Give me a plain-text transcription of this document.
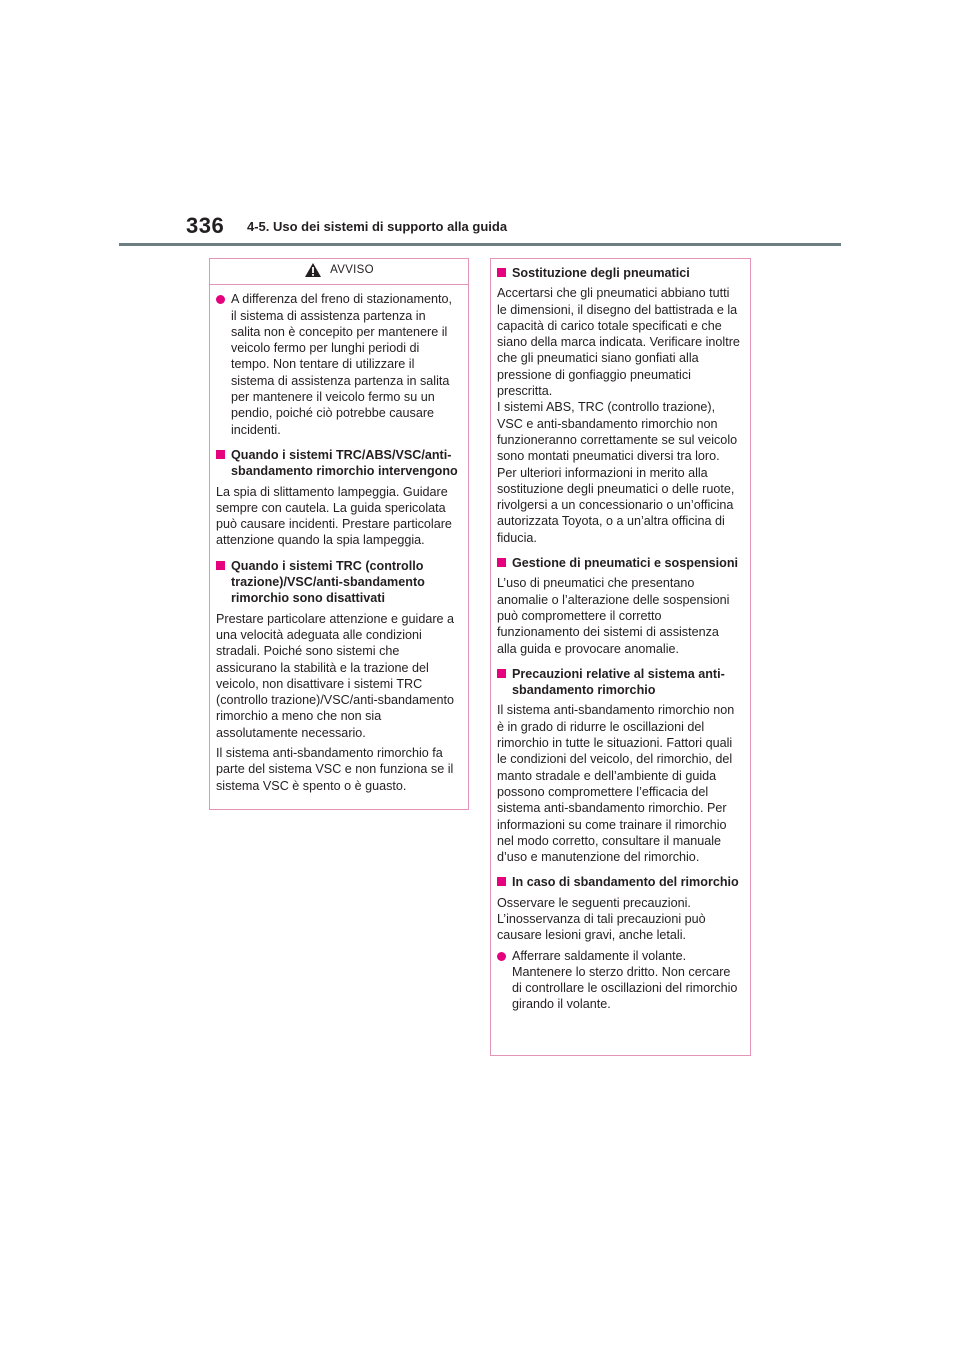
336 4-5. Uso dei sistemi di supporto alla guida
AVVISO
A differenza del freno di stazionamento, il sistema di assistenza partenza in salita non è concepito per mantenere il veicolo fermo per lunghi periodi di tempo. Non tentare di utilizzare il sistema di assistenza partenza in salita per mantenere il veicolo fermo su un pendio, poiché ciò potrebbe causare incidenti.
Quando i sistemi TRC/ABS/VSC/anti-sbandamento rimorchio intervengono

La spia di slittamento lampeggia. Guidare sempre con cautela. La guida spericolata può causare incidenti. Prestare particolare attenzione quando la spia lampeggia.

Quando i sistemi TRC (controllo trazione)/VSC/anti-sbandamento rimorchio sono disattivati

Prestare particolare attenzione e guidare a una velocità adeguata alle condizioni stradali. Poiché sono sistemi che assicurano la stabilità e la trazione del veicolo, non disattivare i sistemi TRC (controllo trazione)/VSC/anti-sbandamento rimorchio a meno che non sia assolutamente necessario.

Il sistema anti-sbandamento rimorchio fa parte del sistema VSC e non funziona se il sistema VSC è spento o è guasto.

Sostituzione degli pneumatici

Accertarsi che gli pneumatici abbiano tutti le dimensioni, il disegno del battistrada e la capacità di carico totale specificati e che siano della marca indicata. Verificare inoltre che gli pneumatici siano gonfiati alla pressione di gonfiaggio pneumatici prescritta.

I sistemi ABS, TRC (controllo trazione), VSC e anti-sbandamento rimorchio non funzioneranno correttamente se sul veicolo sono montati pneumatici diversi tra loro.

Per ulteriori informazioni in merito alla sostituzione degli pneumatici o delle ruote, rivolgersi a un concessionario o un’officina autorizzata Toyota, o a un’altra officina di fiducia.

Gestione di pneumatici e sospensioni

L’uso di pneumatici che presentano anomalie o l’alterazione delle sospensioni può compromettere il corretto funzionamento dei sistemi di assistenza alla guida e provocare anomalie.

Precauzioni relative al sistema anti-sbandamento rimorchio

Il sistema anti-sbandamento rimorchio non è in grado di ridurre le oscillazioni del rimorchio in tutte le situazioni. Fattori quali le condizioni del veicolo, del rimorchio, del manto stradale e dell’ambiente di guida possono compromettere l’efficacia del sistema anti-sbandamento rimorchio. Per informazioni su come trainare il rimorchio nel modo corretto, consultare il manuale d’uso e manutenzione del rimorchio.

In caso di sbandamento del rimorchio

Osservare le seguenti precauzioni. L’inosservanza di tali precauzioni può causare lesioni gravi, anche letali.

Afferrare saldamente il volante. Mantenere lo sterzo dritto. Non cercare di controllare le oscillazioni del rimorchio girando il volante.
